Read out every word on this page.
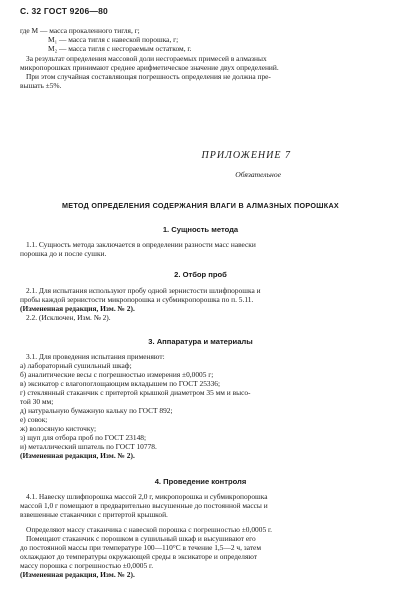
С. 32 ГОСТ 9206—80
где M — масса прокаленного тигля, г;
M₁ — масса тигля с навеской порошка, г;
M₂ — масса тигля с несгораемым остатком, г.
За результат определения массовой доли несгораемых примесей в алмазных
микропорошках принимают среднее арифметическое значение двух определений.
При этом случайная составляющая погрешность определения не должна пре-
вышать ±5%.
ПРИЛОЖЕНИЕ 7
Обязательное
МЕТОД ОПРЕДЕЛЕНИЯ СОДЕРЖАНИЯ ВЛАГИ В АЛМАЗНЫХ ПОРОШКАХ
1. Сущность метода
1.1. Сущность метода заключается в определении разности масс навески
порошка до и после сушки.
2. Отбор проб
2.1. Для испытания используют пробу одной зернистости шлифпорошка и
пробы каждой зернистости микропорошка и субмикропорошка по п. 5.11.
(Измененная редакция, Изм. № 2).
2.2. (Исключен, Изм. № 2).
3. Аппаратура и материалы
3.1. Для проведения испытания применяют:
а) лабораторный сушильный шкаф;
б) аналитические весы с погрешностью измерения ±0,0005 г;
в) эксикатор с влагопоглощающим вкладышем по ГОСТ 25336;
г) стеклянный стаканчик с притертой крышкой диаметром 35 мм и высо-
той 30 мм;
д) натуральную бумажную кальку по ГОСТ 892;
е) совок;
ж) волосяную кисточку;
з) щуп для отбора проб по ГОСТ 23148;
и) металлический шпатель по ГОСТ 10778.
(Измененная редакция, Изм. № 2).
4. Проведение контроля
4.1. Навеску шлифпорошка массой 2,0 г, микропорошка и субмикропорошка
массой 1,0 г помещают в предварительно высушенные до постоянной массы и
взвешенные стаканчики с притертой крышкой.
Определяют массу стаканчика с навеской порошка с погрешностью ±0,0005 г.
Помещают стаканчик с порошком в сушильный шкаф и высушивают его
до постоянной массы при температуре 100—110°С в течение 1,5—2 ч, затем
охлаждают до температуры окружающей среды в эксикаторе и определяют
массу порошка с погрешностью ±0,0005 г.
(Измененная редакция, Изм. № 2).
